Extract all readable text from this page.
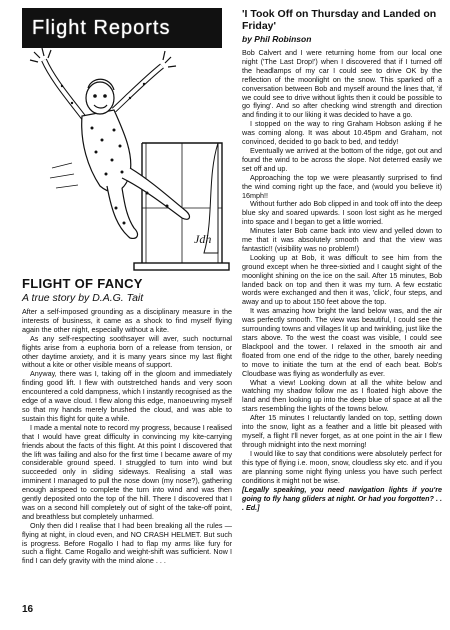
Flight Reports
Jdh
FLIGHT OF FANCY
A true story by D.A.G. Tait

After a self-imposed grounding as a disciplinary measure in the interests of business, it came as a shock to find myself flying again the other night, especially without a kite.

As any self-respecting soothsayer will aver, such nocturnal flights arise from a euphoria born of a release from tension, or other daytime anxiety, and it is many years since my last flight without a kite or other visible means of support.

Anyway, there was I, taking off in the gloom and immediately finding good lift. I flew with outstretched hands and very soon encountered a cold dampness, which I instantly recognised as the edge of a wave cloud. I flew along this edge, manoeuvring myself so that my hands merely brushed the cloud, and was able to sustain this flight for quite a while.

I made a mental note to record my progress, because I realised that I would have great difficulty in convincing my kite-carrying friends about the facts of this flight. At this point I discovered that the lift was failing and also for the first time I became aware of my considerable ground speed. I struggled to turn into wind but succeeded only in sliding sideways. Realising a stall was imminent I managed to pull the nose down (my nose?), gathering enough airspeed to complete the turn into wind and was then gently deposited onto the top of the hill. There I discovered that I was on a second hill completely out of sight of the take-off point, and breathless but completely unharmed.

Only then did I realise that I had been breaking all the rules — flying at night, in cloud even, and NO CRASH HELMET. But such is progress. Before Rogallo I had to flap my arms like fury for such a flight. Came Rogallo and weight-shift was sufficient. Now I find I can defy gravity with the mind alone . . .

16
'I Took Off on Thursday and Landed on Friday'
by Phil Robinson

Bob Calvert and I were returning home from our local one night ('The Last Drop!') when I discovered that if I turned off the headlamps of my car I could see to drive OK by the reflection of the moonlight on the snow. This sparked off a conversation between Bob and myself around the lines that, 'if we could see to drive without lights then it could be possible to go flying'. And so after checking wind strength and direction and finding it to our liking it was decided to have a go.

I stopped on the way to ring Graham Hobson asking if he was coming along. It was about 10.45pm and Graham, not convinced, decided to go back to bed, and teddy!

Eventually we arrived at the bottom of the ridge, got out and found the wind to be across the slope. Not deterred easily we set off and up.

Approaching the top we were pleasantly surprised to find the wind coming right up the face, and (would you believe it) 16mph!!

Without further ado Bob clipped in and took off into the deep blue sky and soared upwards. I soon lost sight as he merged into space and I began to get a little worried.

Minutes later Bob came back into view and yelled down to me that it was absolutely smooth and that the view was fantastic!! (visibility was no problem!)

Looking up at Bob, it was difficult to see him from the ground except when he three-sixtied and I caught sight of the moonlight shining on the ice on the sail. After 15 minutes, Bob landed back on top and then it was my turn. A few ecstatic words were exchanged and then it was, 'click', four steps, and away and up to about 150 feet above the top.

It was amazing how bright the land below was, and the air was perfectly smooth. The view was beautiful, I could see the surrounding towns and villages lit up and twinkling, just like the stars above. To the west the coast was visible, I could see Blackpool and the tower. I relaxed in the smooth air and floated from one end of the ridge to the other, barely needing to move to initiate the turn at the end of each beat. Bob's Cloudbase was flying as wonderfully as ever.

What a view! Looking down at all the white below and watching my shadow follow me as I floated high above the land and then looking up into the deep blue of space at all the stars resembling the lights of the towns below.

After 15 minutes I reluctantly landed on top, settling down into the snow, light as a feather and a little bit pleased with myself, a flight I'll never forget, as at one point in the air I flew through midnight into the next morning!

I would like to say that conditions were absolutely perfect for this type of flying i.e. moon, snow, cloudless sky etc. and if you are planning some night flying unless you have such perfect conditions it might not be wise.

[Legally speaking, you need navigation lights if you're going to fly hang gliders at night. Or had you forgotten? . . . Ed.]
